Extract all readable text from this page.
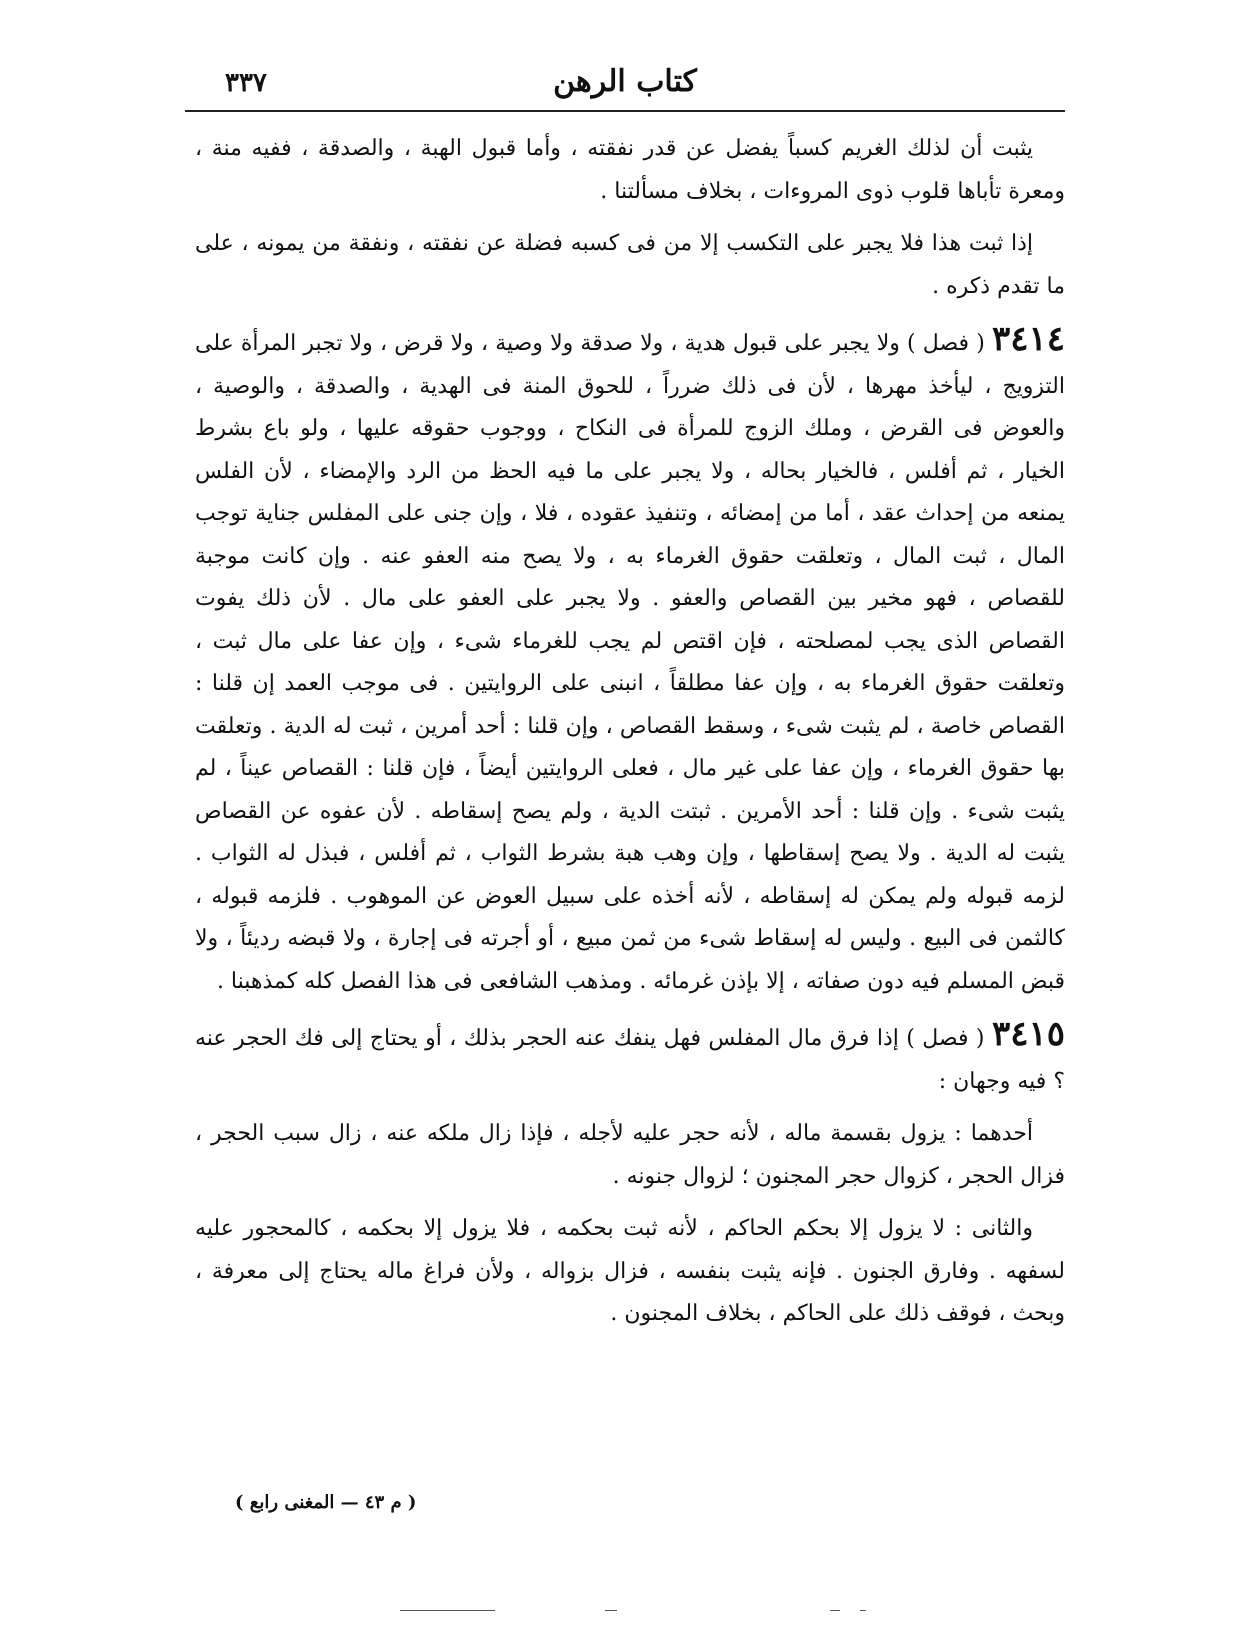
كتاب الرهن
٣٣٧

يثبت أن لذلك الغريم كسباً يفضل عن قدر نفقته ، وأما قبول الهبة ، والصدقة ، ففيه منة ، ومعرة تأباها قلوب ذوى المروءات ، بخلاف مسألتنا .

إذا ثبت هذا فلا يجبر على التكسب إلا من فى كسبه فضلة عن نفقته ، ونفقة من يمونه ، على ما تقدم ذكره .

٣٤١٤ ( فصل ) ولا يجبر على قبول هدية ، ولا صدقة ولا وصية ، ولا قرض ، ولا تجبر المرأة على التزويج ، ليأخذ مهرها ، لأن فى ذلك ضرراً ، للحوق المنة فى الهدية ، والصدقة ، والوصية ، والعوض فى القرض ، وملك الزوج للمرأة فى النكاح ، ووجوب حقوقه عليها ، ولو باع بشرط الخيار ، ثم أفلس ، فالخيار بحاله ، ولا يجبر على ما فيه الحظ من الرد والإمضاء ، لأن الفلس يمنعه من إحداث عقد ، أما من إمضائه ، وتنفيذ عقوده ، فلا ، وإن جنى على المفلس جناية توجب المال ، ثبت المال ، وتعلقت حقوق الغرماء به ، ولا يصح منه العفو عنه . وإن كانت موجبة للقصاص ، فهو مخير بين القصاص والعفو . ولا يجبر على العفو على مال . لأن ذلك يفوت القصاص الذى يجب لمصلحته ، فإن اقتص لم يجب للغرماء شىء ، وإن عفا على مال ثبت ، وتعلقت حقوق الغرماء به ، وإن عفا مطلقاً ، انبنى على الروايتين . فى موجب العمد إن قلنا : القصاص خاصة ، لم يثبت شىء ، وسقط القصاص ، وإن قلنا : أحد أمرين ، ثبت له الدية . وتعلقت بها حقوق الغرماء ، وإن عفا على غير مال ، فعلى الروايتين أيضاً ، فإن قلنا : القصاص عيناً ، لم يثبت شىء . وإن قلنا : أحد الأمرين . ثبتت الدية ، ولم يصح إسقاطه . لأن عفوه عن القصاص يثبت له الدية . ولا يصح إسقاطها ، وإن وهب هبة بشرط الثواب ، ثم أفلس ، فبذل له الثواب . لزمه قبوله ولم يمكن له إسقاطه ، لأنه أخذه على سبيل العوض عن الموهوب . فلزمه قبوله ، كالثمن فى البيع . وليس له إسقاط شىء من ثمن مبيع ، أو أجرته فى إجارة ، ولا قبضه رديئاً ، ولا قبض المسلم فيه دون صفاته ، إلا بإذن غرمائه . ومذهب الشافعى فى هذا الفصل كله كمذهبنا .

٣٤١٥ ( فصل ) إذا فرق مال المفلس فهل ينفك عنه الحجر بذلك ، أو يحتاج إلى فك الحجر عنه ؟ فيه وجهان :

أحدهما : يزول بقسمة ماله ، لأنه حجر عليه لأجله ، فإذا زال ملكه عنه ، زال سبب الحجر ، فزال الحجر ، كزوال حجر المجنون ؛ لزوال جنونه .

والثانى : لا يزول إلا بحكم الحاكم ، لأنه ثبت بحكمه ، فلا يزول إلا بحكمه ، كالمحجور عليه لسفهه . وفارق الجنون . فإنه يثبت بنفسه ، فزال بزواله ، ولأن فراغ ماله يحتاج إلى معرفة ، وبحث ، فوقف ذلك على الحاكم ، بخلاف المجنون .

( م ٤٣ — المغنى رابع )
